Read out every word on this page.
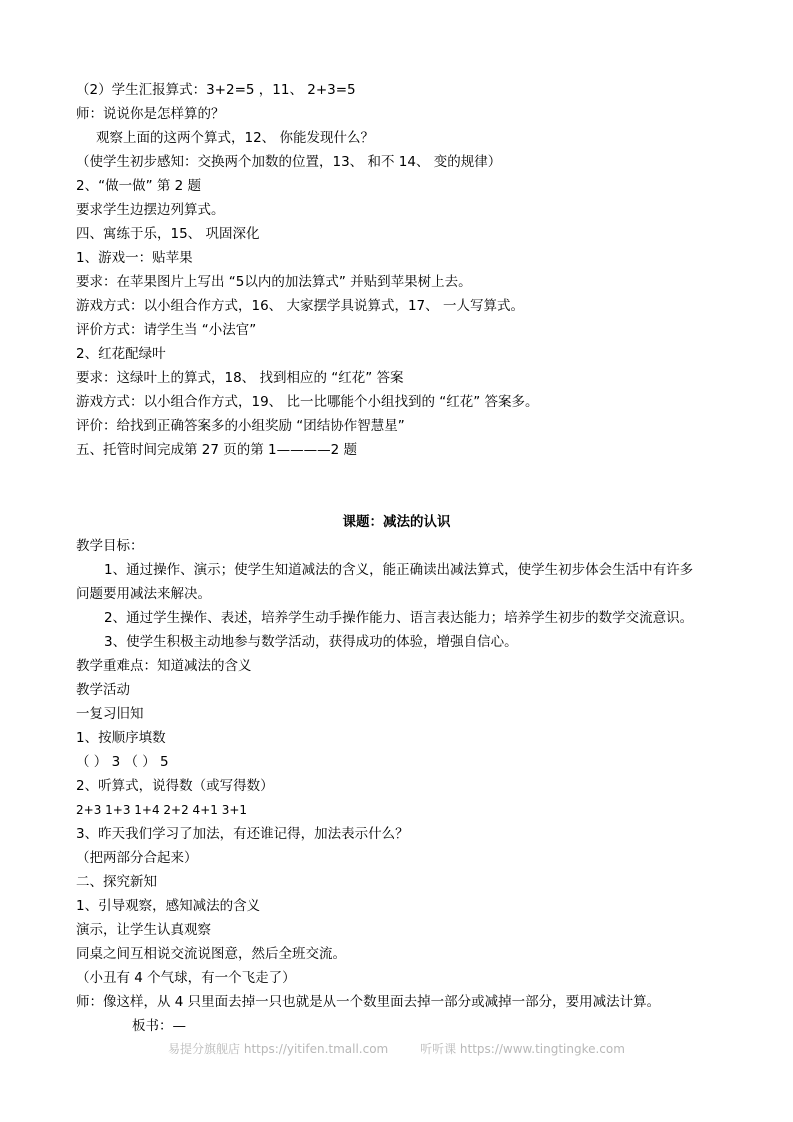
（2）学生汇报算式：3+2=5 ，11、 2+3=5
师：说说你是怎样算的？
观察上面的这两个算式，12、 你能发现什么？
（使学生初步感知：交换两个加数的位置，13、 和不 14、 变的规律）
2、“做一做” 第 2 题
要求学生边摆边列算式。
四、寓练于乐，15、 巩固深化
1、游戏一：贴苹果
要求：在苹果图片上写出 “5以内的加法算式” 并贴到苹果树上去。
游戏方式：以小组合作方式，16、 大家摆学具说算式，17、 一人写算式。
评价方式：请学生当 “小法官”
2、红花配绿叶
要求：这绿叶上的算式，18、 找到相应的 “红花” 答案
游戏方式：以小组合作方式，19、 比一比哪能个小组找到的 “红花” 答案多。
评价：给找到正确答案多的小组奖励 “团结协作智慧星”
五、托管时间完成第 27 页的第 1————2 题
课题：减法的认识
教学目标：
1、通过操作、演示；使学生知道减法的含义，能正确读出减法算式，使学生初步体会生活中有许多
问题要用减法来解决。
2、通过学生操作、表述，培养学生动手操作能力、语言表达能力；培养学生初步的数学交流意识。
3、使学生积极主动地参与数学活动，获得成功的体验，增强自信心。
教学重难点：知道减法的含义
教学活动
一复习旧知
1、按顺序填数
（ ） 3 （ ） 5
2、听算式，说得数（或写得数）
2+3 1+3 1+4 2+2 4+1 3+1
3、昨天我们学习了加法，有还谁记得，加法表示什么？
（把两部分合起来）
二、探究新知
1、引导观察，感知减法的含义
演示，让学生认真观察
同桌之间互相说交流说图意，然后全班交流。
（小丑有 4 个气球，有一个飞走了）
师：像这样，从 4 只里面去掉一只也就是从一个数里面去掉一部分或减掉一部分，要用减法计算。
板书：—
易提分旗舰店 https://yitifen.tmall.com	听听课 https://www.tingtingke.com
